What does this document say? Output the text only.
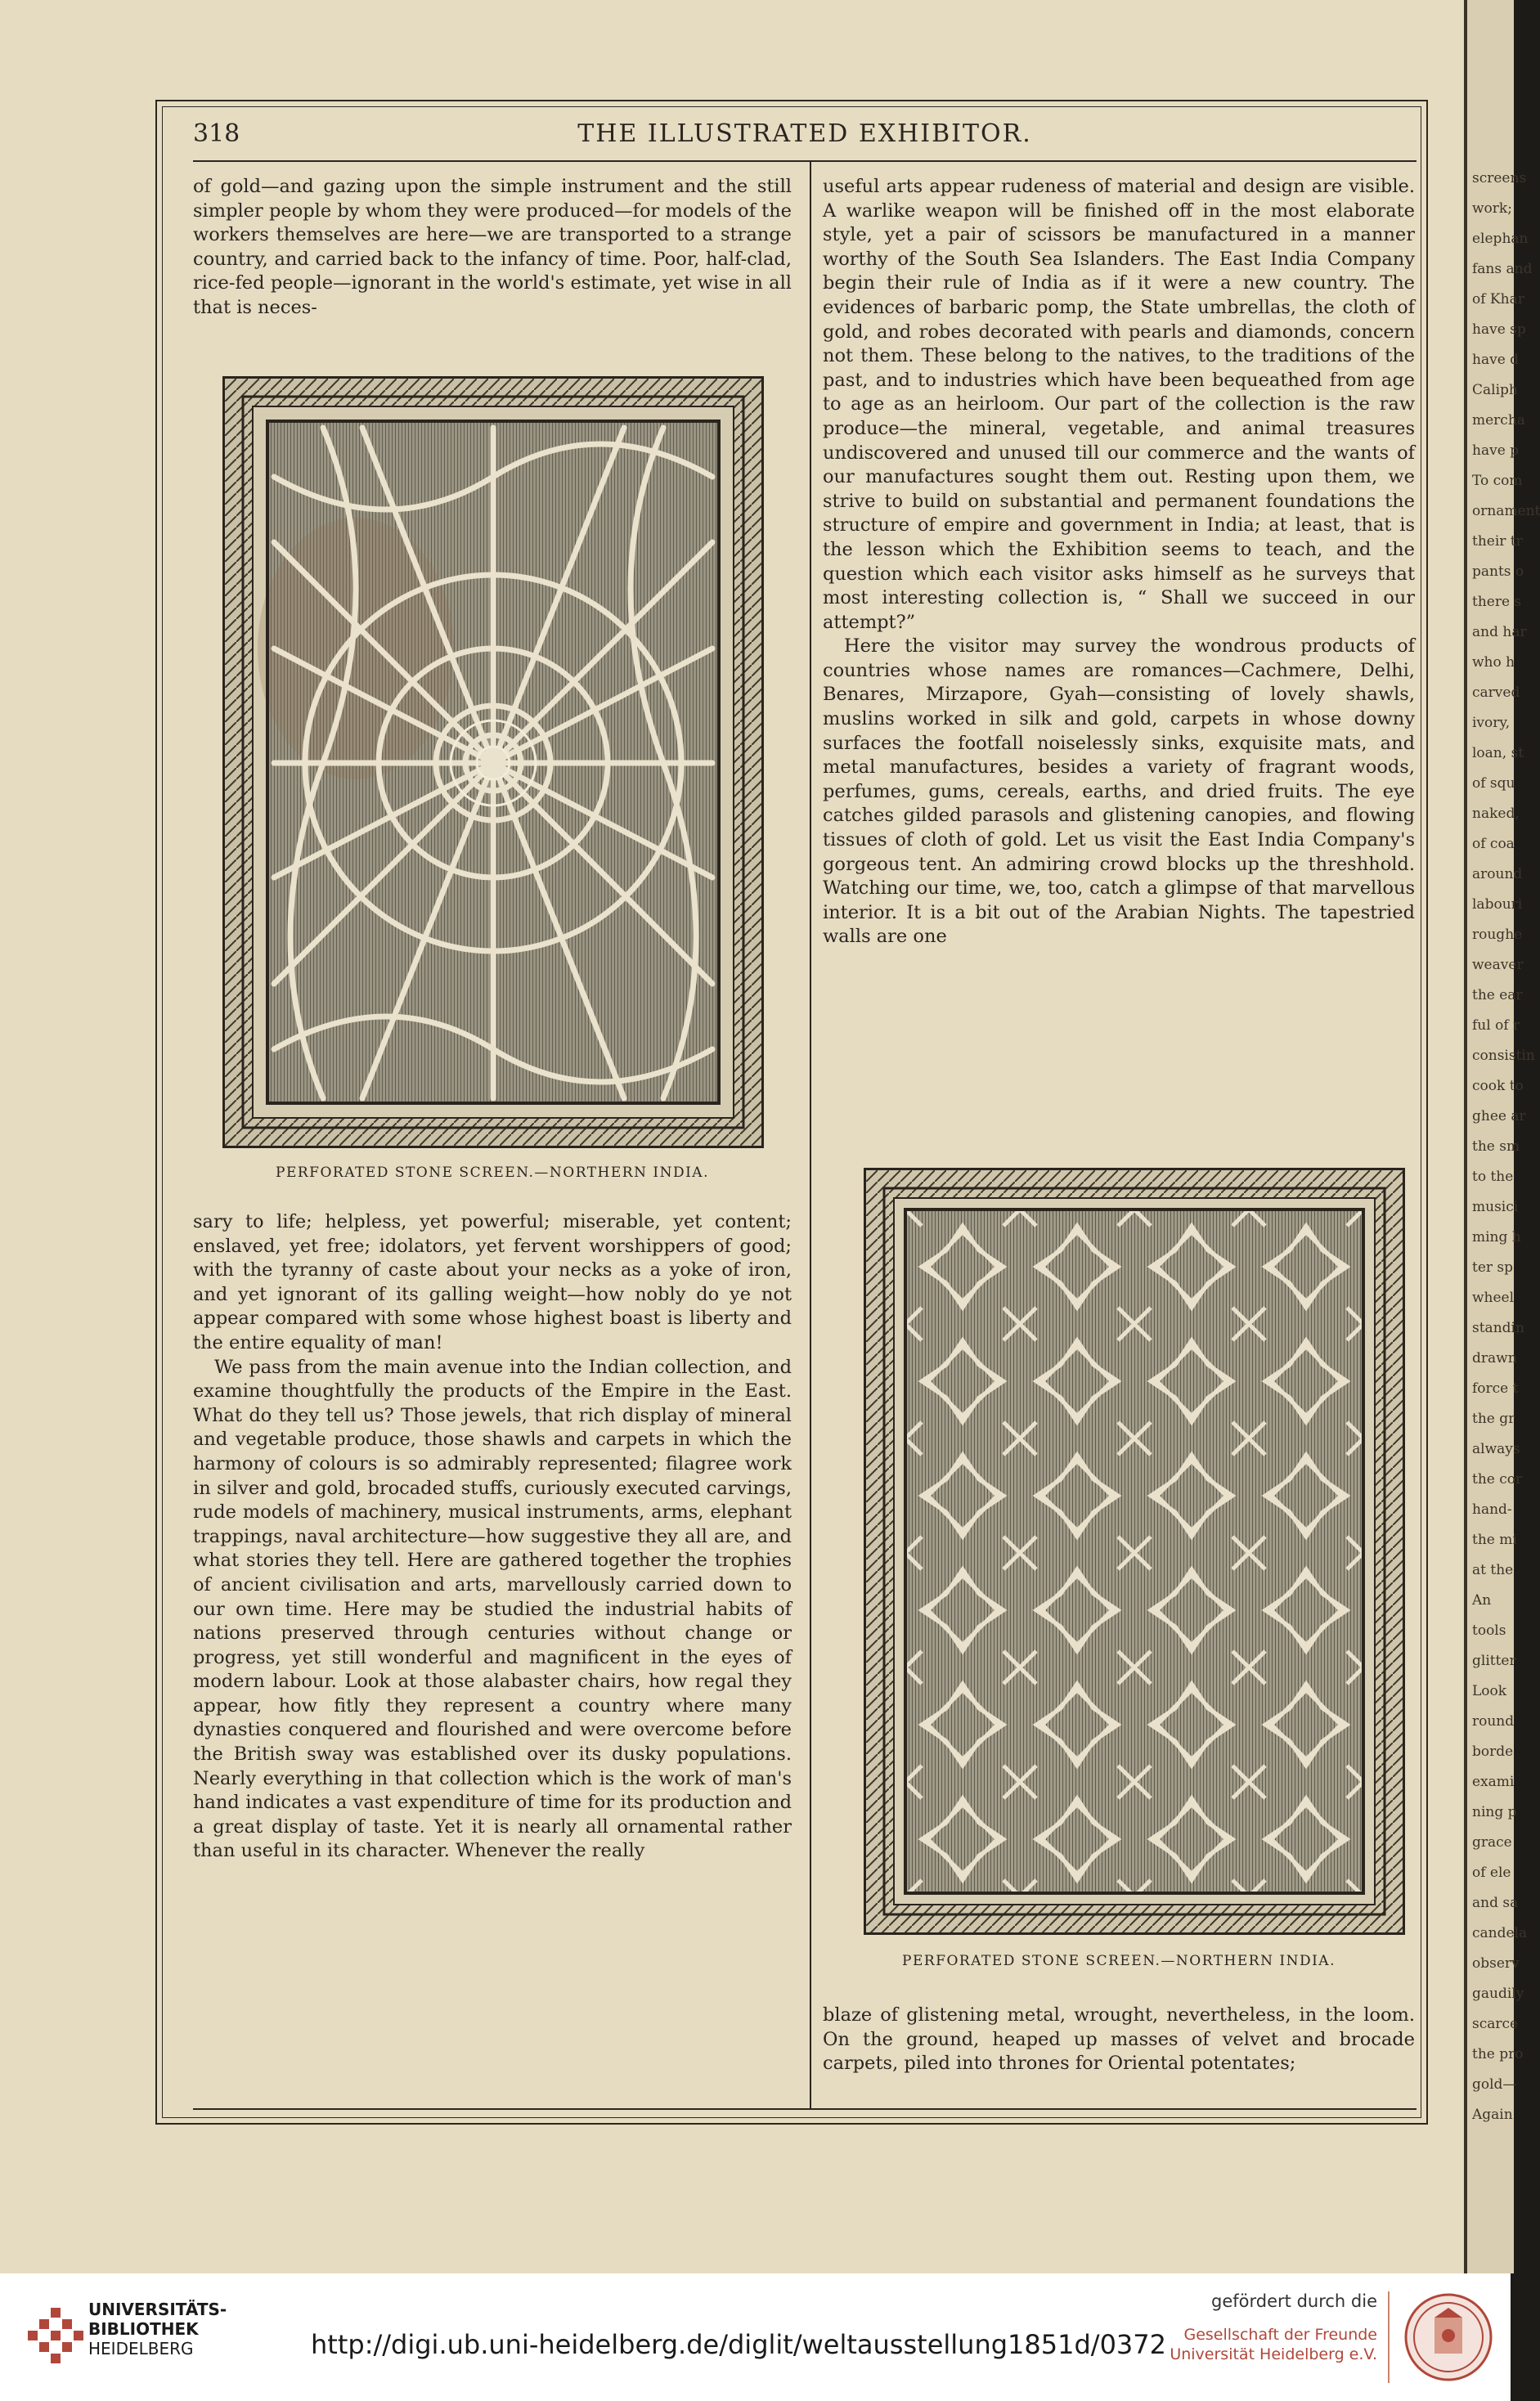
318	THE ILLUSTRATED EXHIBITOR.

of gold—and gazing upon the simple instrument and the still simpler people by whom they were produced—for models of the workers themselves are here—we are transported to a strange country, and carried back to the infancy of time. Poor, half-clad, rice-fed people—ignorant in the world's estimate, yet wise in all that is neces-

PERFORATED STONE SCREEN.—NORTHERN INDIA.

sary to life; helpless, yet powerful; miserable, yet content; enslaved, yet free; idolators, yet fervent worshippers of good; with the tyranny of caste about your necks as a yoke of iron, and yet ignorant of its galling weight—how nobly do ye not appear compared with some whose highest boast is liberty and the entire equality of man!

We pass from the main avenue into the Indian collection, and examine thoughtfully the products of the Empire in the East. What do they tell us? Those jewels, that rich display of mineral and vegetable produce, those shawls and carpets in which the harmony of colours is so admirably represented; filagree work in silver and gold, brocaded stuffs, curiously executed carvings, rude models of machinery, musical instruments, arms, elephant trappings, naval architecture—how suggestive they all are, and what stories they tell. Here are gathered together the trophies of ancient civilisation and arts, marvellously carried down to our own time. Here may be studied the industrial habits of nations preserved through centuries without change or progress, yet still wonderful and magnificent in the eyes of modern labour. Look at those alabaster chairs, how regal they appear, how fitly they represent a country where many dynasties conquered and flourished and were overcome before the British sway was established over its dusky populations. Nearly everything in that collection which is the work of man's hand indicates a vast expenditure of time for its production and a great display of taste. Yet it is nearly all ornamental rather than useful in its character. Whenever the really

useful arts appear rudeness of material and design are visible. A warlike weapon will be finished off in the most elaborate style, yet a pair of scissors be manufactured in a manner worthy of the South Sea Islanders. The East India Company begin their rule of India as if it were a new country. The evidences of barbaric pomp, the State umbrellas, the cloth of gold, and robes decorated with pearls and diamonds, concern not them. These belong to the natives, to the traditions of the past, and to industries which have been bequeathed from age to age as an heirloom. Our part of the collection is the raw produce—the mineral, vegetable, and animal treasures undiscovered and unused till our commerce and the wants of our manufactures sought them out. Resting upon them, we strive to build on substantial and permanent foundations the structure of empire and government in India; at least, that is the lesson which the Exhibition seems to teach, and the question which each visitor asks himself as he surveys that most interesting collection is, “ Shall we succeed in our attempt?”

Here the visitor may survey the wondrous products of countries whose names are romances—Cachmere, Delhi, Benares, Mirzapore, Gyah—consisting of lovely shawls, muslins worked in silk and gold, carpets in whose downy surfaces the footfall noiselessly sinks, exquisite mats, and metal manufactures, besides a variety of fragrant woods, perfumes, gums, cereals, earths, and dried fruits. The eye catches gilded parasols and glistening canopies, and flowing tissues of cloth of gold. Let us visit the East India Company's gorgeous tent. An admiring crowd blocks up the threshhold. Watching our time, we, too, catch a glimpse of that marvellous interior. It is a bit out of the Arabian Nights. The tapestried walls are one

PERFORATED STONE SCREEN.—NORTHERN INDIA.

blaze of glistening metal, wrought, nevertheless, in the loom. On the ground, heaped up masses of velvet and brocade carpets, piled into thrones for Oriental potentates;

screens
work;
elephan
fans and
of Khar
have sp
have d
Caliph
mercha
have p
To com
ornament
their tr
pants o
there s
and har
who h
carved
ivory,
loan, st
of squ
naked,
of coa
around
labouri
roughe
weaver
the ear
ful of r
consistin
cook to
ghee ar
the sm
to the
musici
ming h
ter sp
wheel
standin
drawn
force t
the gr
always
the cor
hand-
the mi
at the
An
tools
glitter
Look
round
borde
exami
ning p
grace
of ele
and sa
candela
observ
gaudily
scarce
the pro
gold—
Again
UNIVERSITÄTS-
BIBLIOTHEK
HEIDELBERG	http://digi.ub.uni-heidelberg.de/diglit/weltausstellung1851d/0372
gefördert durch die
Gesellschaft der Freunde
Universität Heidelberg e.V.
